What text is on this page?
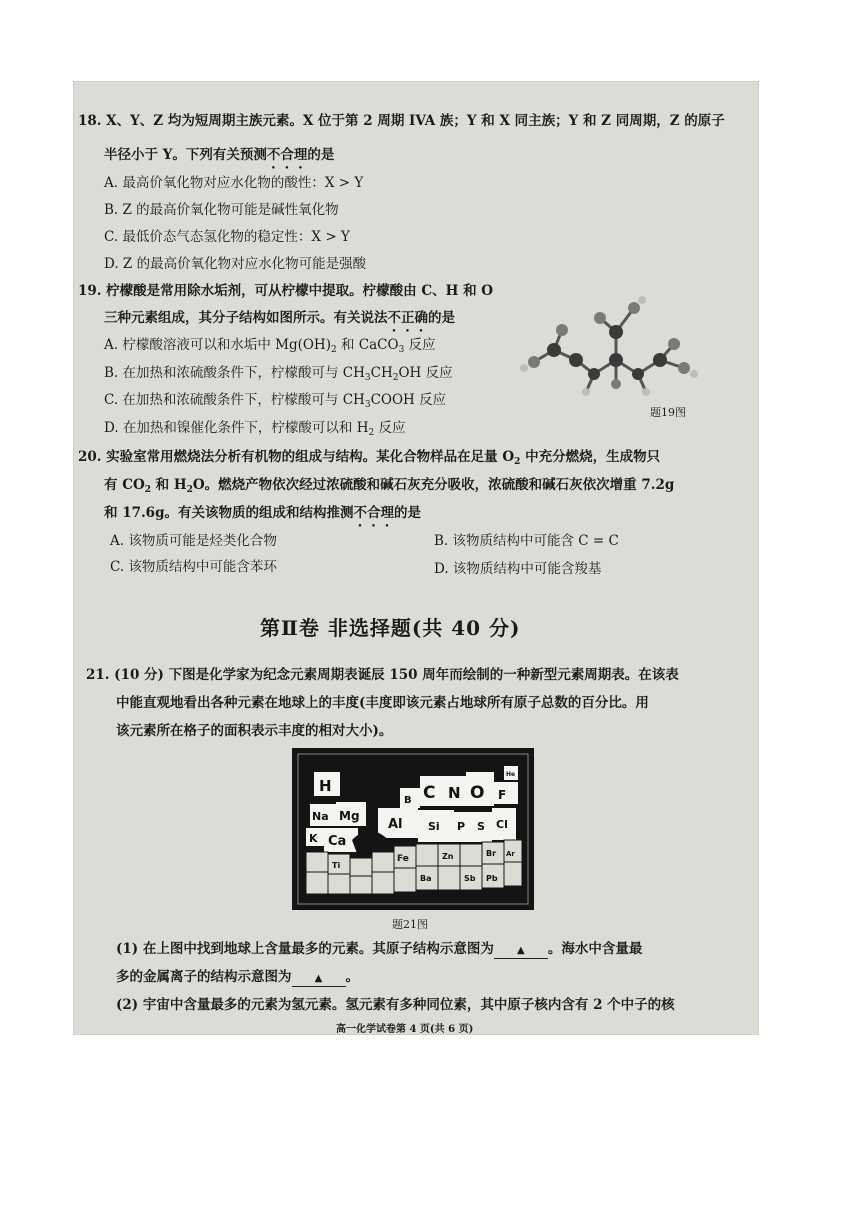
18. X、Y、Z 均为短周期主族元素。X 位于第 2 周期 IVA 族；Y 和 X 同主族；Y 和 Z 同周期，Z 的原子
半径小于 Y。下列有关预测不合理的是
A. 最高价氧化物对应水化物的酸性：X > Y
B. Z 的最高价氧化物可能是碱性氧化物
C. 最低价态气态氢化物的稳定性：X > Y
D. Z 的最高价氧化物对应水化物可能是强酸
19. 柠檬酸是常用除水垢剂，可从柠檬中提取。柠檬酸由 C、H 和 O
三种元素组成，其分子结构如图所示。有关说法不正确的是
A. 柠檬酸溶液可以和水垢中 $Mg(OH)_2$ 和 CaCO$_3$ 反应
B. 在加热和浓硫酸条件下，柠檬酸可与 $CH_3CH_2OH$ 反应
C. 在加热和浓硫酸条件下，柠檬酸可与 $CH_3COOH$ 反应
D. 在加热和镍催化条件下，柠檬酸可以和 $H_2$ 反应
题19图
20. 实验室常用燃烧法分析有机物的组成与结构。某化合物样品在足量 $O_2$ 中充分燃烧，生成物只
有 $CO_2$ 和 $H_2O$。燃烧产物依次经过浓硫酸和碱石灰充分吸收，浓硫酸和碱石灰依次增重 7.2g
和 17.6g。有关该物质的组成和结构推测不合理的是
A. 该物质可能是烃类化合物	B. 该物质结构中可能含 C = C
C. 该物质结构中可能含苯环	D. 该物质结构中可能含羧基
第Ⅱ卷 非选择题(共 40 分)
21. (10 分) 下图是化学家为纪念元素周期表诞辰 150 周年而绘制的一种新型元素周期表。在该表
中能直观地看出各种元素在地球上的丰度(丰度即该元素占地球所有原子总数的百分比。用
该元素所在格子的面积表示丰度的相对大小)。
H
He
B C N O F
Na Mg
Al Si P S Cl
K Ca
Ar
Ti
Fe	Zn	Br
Sb
Ba	Pb
题21图
(1) 在上图中找到地球上含量最多的元素。其原子结构示意图为 ▲ 。海水中含量最
多的金属离子的结构示意图为 ▲ 。
(2) 宇宙中含量最多的元素为氢元素。氢元素有多种同位素，其中原子核内含有 2 个中子的核
高一化学试卷第 4 页(共 6 页)
